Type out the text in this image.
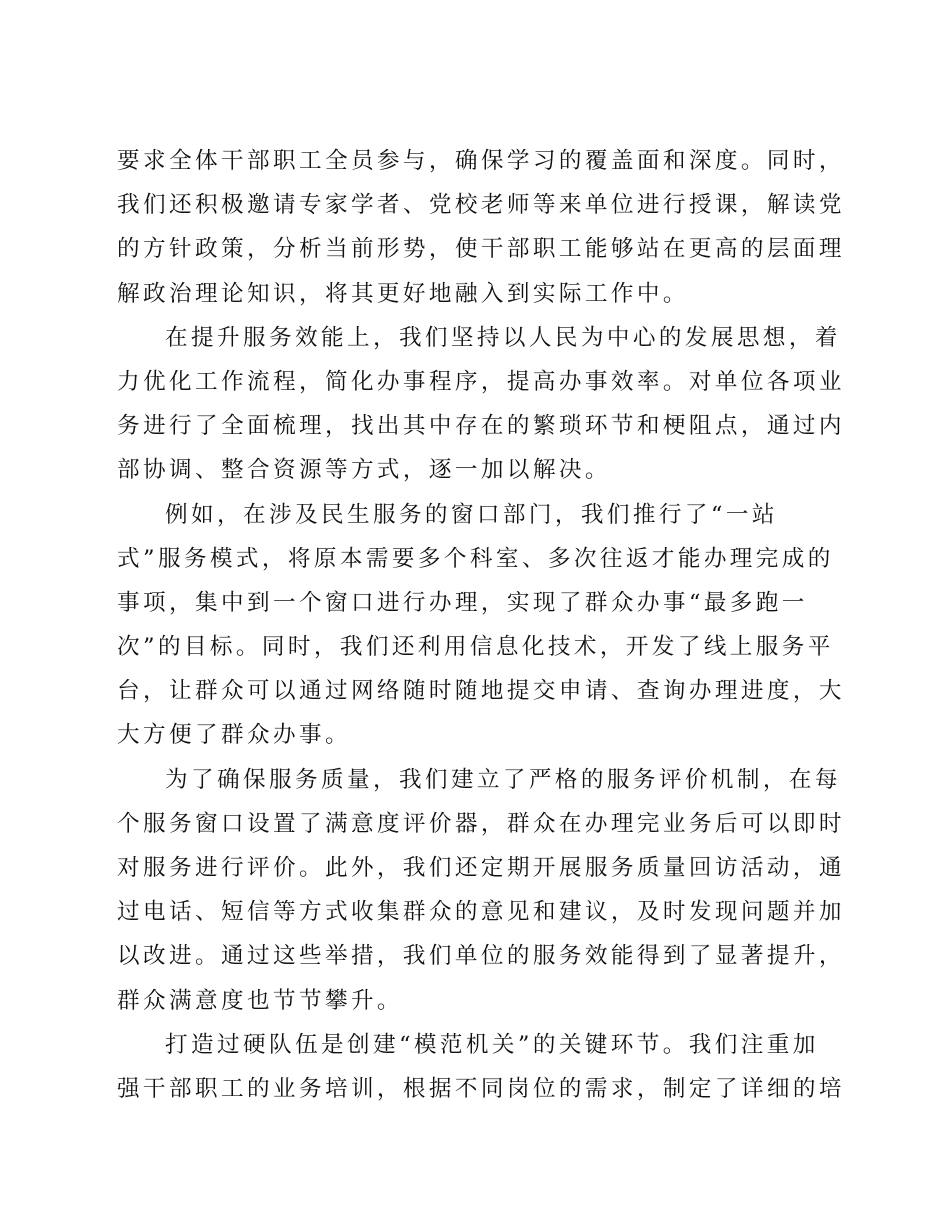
要求全体干部职工全员参与，确保学习的覆盖面和深度。同时，
我们还积极邀请专家学者、党校老师等来单位进行授课，解读党
的方针政策，分析当前形势，使干部职工能够站在更高的层面理
解政治理论知识，将其更好地融入到实际工作中。
在提升服务效能上，我们坚持以人民为中心的发展思想，着
力优化工作流程，简化办事程序，提高办事效率。对单位各项业
务进行了全面梳理，找出其中存在的繁琐环节和梗阻点，通过内
部协调、整合资源等方式，逐一加以解决。
例如，在涉及民生服务的窗口部门，我们推行了“一站
式”服务模式，将原本需要多个科室、多次往返才能办理完成的
事项，集中到一个窗口进行办理，实现了群众办事“最多跑一
次”的目标。同时，我们还利用信息化技术，开发了线上服务平
台，让群众可以通过网络随时随地提交申请、查询办理进度，大
大方便了群众办事。
为了确保服务质量，我们建立了严格的服务评价机制，在每
个服务窗口设置了满意度评价器，群众在办理完业务后可以即时
对服务进行评价。此外，我们还定期开展服务质量回访活动，通
过电话、短信等方式收集群众的意见和建议，及时发现问题并加
以改进。通过这些举措，我们单位的服务效能得到了显著提升，
群众满意度也节节攀升。
打造过硬队伍是创建“模范机关”的关键环节。我们注重加
强干部职工的业务培训，根据不同岗位的需求，制定了详细的培
